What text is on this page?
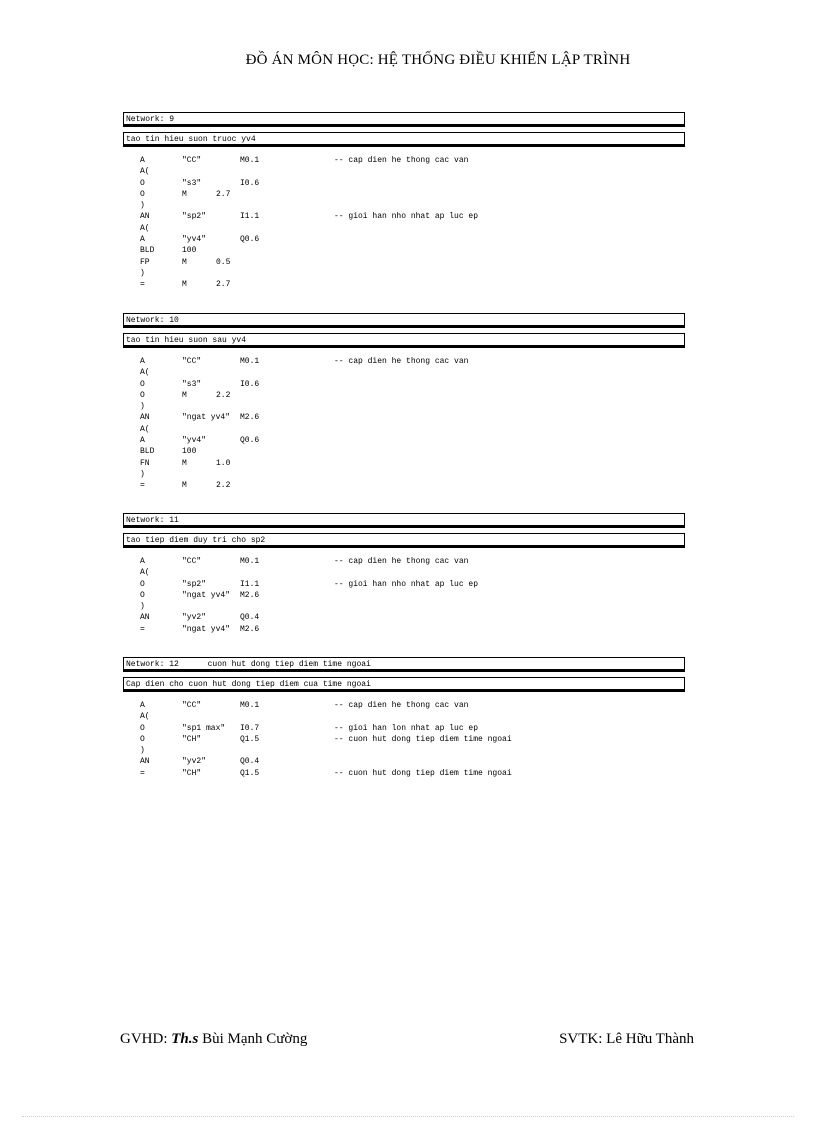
ĐỒ ÁN MÔN HỌC: HỆ THỐNG ĐIỀU KHIỂN LẬP TRÌNH
Network: 9
tao tin hieu suon truoc yv4
A	"CC"	M0.1	-- cap dien he thong cac van
A(
O	"s3"	I0.6
O	M	2.7
)
AN	"sp2"	I1.1	-- gioi han nho nhat ap luc ep
A(
A	"yv4"	Q0.6
BLD	100
FP	M	0.5
)
=	M	2.7
Network: 10
tao tin hieu suon sau yv4
A	"CC"	M0.1	-- cap dien he thong cac van
A(
O	"s3"	I0.6
O	M	2.2
)
AN	"ngat yv4" M2.6
A(
A	"yv4"	Q0.6
BLD	100
FN	M	1.0
)
=	M	2.2
Network: 11
tao tiep diem duy tri cho sp2
A	"CC"	M0.1	-- cap dien he thong cac van
A(
O	"sp2"	I1.1	-- gioi han nho nhat ap luc ep
O	"ngat yv4" M2.6
)
AN	"yv2"	Q0.4
=	"ngat yv4" M2.6
Network: 12      cuon hut dong tiep diem time ngoai
Cap dien cho cuon hut dong tiep diem cua time ngoai
A	"CC"	M0.1	-- cap dien he thong cac van
A(
O	"sp1 max" I0.7	-- gioi han lon nhat ap luc ep
O	"CH"	Q1.5	-- cuon hut dong tiep diem time ngoai
)
AN	"yv2"	Q0.4
=	"CH"	Q1.5	-- cuon hut dong tiep diem time ngoai
GVHD: Th.s Bùi Mạnh Cường	SVTK: Lê Hữu Thành
